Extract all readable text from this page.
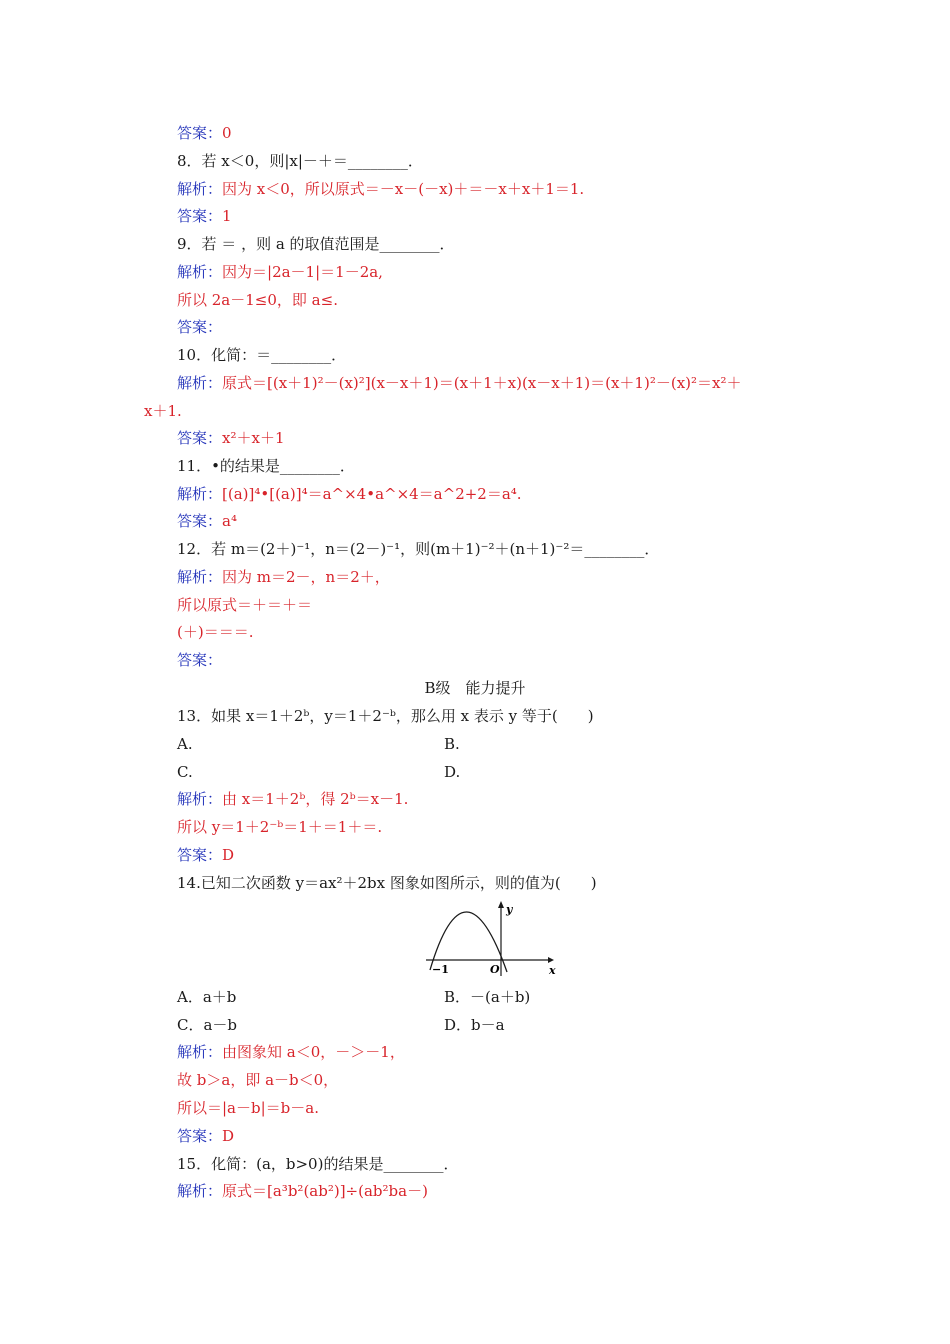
答案：0
8．若 x＜0，则|x|－＋＝________．
解析：因为 x＜0，所以原式＝－x－(－x)＋＝－x＋x＋1＝1.
答案：1
9．若 ＝ ，则 a 的取值范围是________．
解析：因为＝|2a－1|＝1－2a,
所以 2a－1≤0，即 a≤.
答案：
10．化简：＝________．
解析：原式＝[(x＋1)²－(x)²](x－x＋1)＝(x＋1＋x)(x－x＋1)＝(x＋1)²－(x)²＝x²＋
x＋1.
答案：x²＋x＋1
11．•的结果是________．
解析：[(a)]⁴•[(a)]⁴＝a^×4•a^×4＝a^2+2＝a⁴.
答案：a⁴
12．若 m＝(2＋)⁻¹，n＝(2－)⁻¹，则(m＋1)⁻²＋(n＋1)⁻²＝________．
解析：因为 m＝2－，n＝2＋，
所以原式＝＋＝＋＝
(＋)＝＝＝.
答案：
B级　能力提升
13．如果 x＝1＋2ᵇ，y＝1＋2⁻ᵇ，那么用 x 表示 y 等于(　　)
A.	B.
C.	D.
解析：由 x＝1＋2ᵇ，得 2ᵇ＝x－1.
所以 y＝1＋2⁻ᵇ＝1＋＝1＋＝.
答案：D
14.已知二次函数 y＝ax²＋2bx 图象如图所示，则的值为(　　)
y
x
−1	O
A．a＋b	B．－(a＋b)
C．a－b	D．b－a
解析：由图象知 a＜0，－＞－1，
故 b＞a，即 a－b＜0，
所以＝|a－b|＝b－a.
答案：D
15．化简：(a，b>0)的结果是________．
解析：原式＝[a³b²(ab²)]÷(ab²ba－)
